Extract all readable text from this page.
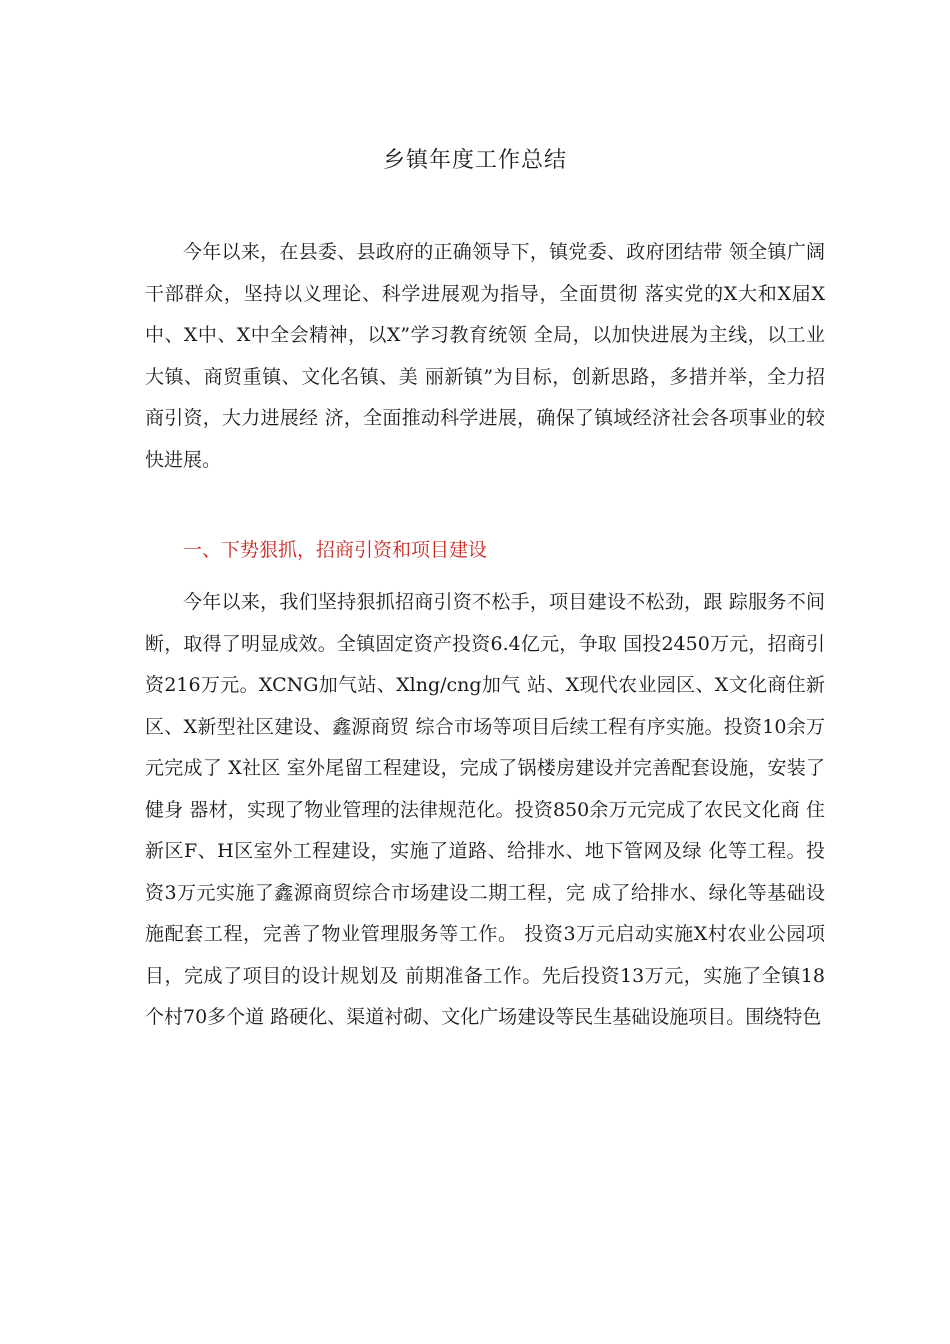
乡镇年度工作总结

今年以来，在县委、县政府的正确领导下，镇党委、政府团结带 领全镇广阔干部群众，坚持以义理论、科学进展观为指导，全面贯彻 落实党的X大和X届X中、X中、X中全会精神，以X”学习教育统领 全局，以加快进展为主线，以工业大镇、商贸重镇、文化名镇、美 丽新镇”为目标，创新思路，多措并举，全力招商引资，大力进展经 济，全面推动科学进展，确保了镇域经济社会各项事业的较快进展。

一、下势狠抓，招商引资和项目建设

今年以来，我们坚持狠抓招商引资不松手，项目建设不松劲，跟 踪服务不间断，取得了明显成效。全镇固定资产投资6.4亿元，争取 国投2450万元，招商引资216万元。XCNG加气站、Xlng/cng加气 站、X现代农业园区、X文化商住新区、X新型社区建设、鑫源商贸 综合市场等项目后续工程有序实施。投资10余万元完成了 X社区 室外尾留工程建设，完成了锅楼房建设并完善配套设施，安装了健身 器材，实现了物业管理的法律规范化。投资850余万元完成了农民文化商 住新区F、H区室外工程建设，实施了道路、给排水、地下管网及绿 化等工程。投资3万元实施了鑫源商贸综合市场建设二期工程，完 成了给排水、绿化等基础设施配套工程，完善了物业管理服务等工作。 投资3万元启动实施X村农业公园项目，完成了项目的设计规划及 前期准备工作。先后投资13万元，实施了全镇18个村70多个道 路硬化、渠道衬砌、文化广场建设等民生基础设施项目。围绕特色
